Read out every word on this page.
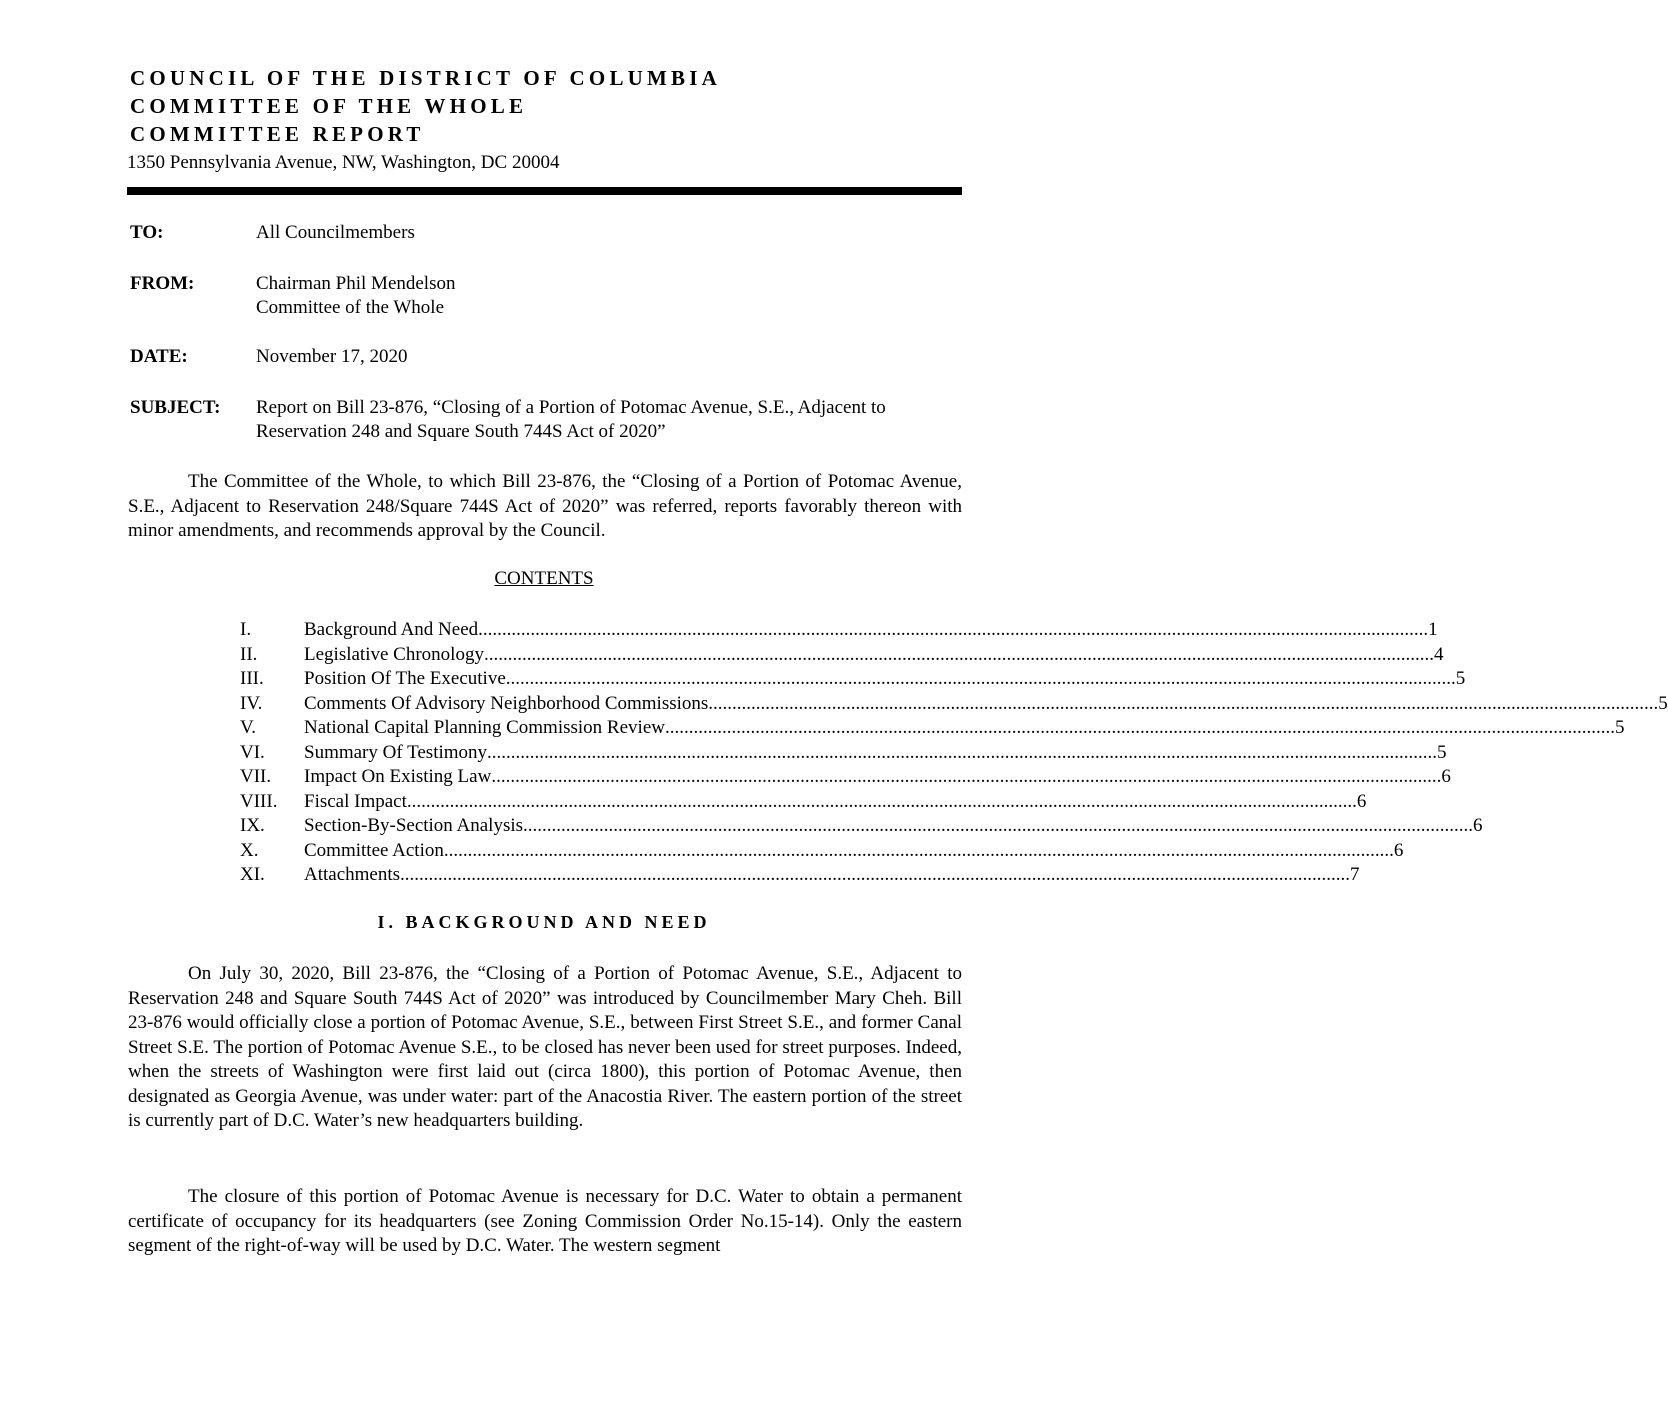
COUNCIL OF THE DISTRICT OF COLUMBIA
COMMITTEE OF THE WHOLE
COMMITTEE REPORT
1350 Pennsylvania Avenue, NW, Washington, DC 20004
TO:	All Councilmembers
FROM:	Chairman Phil Mendelson
Committee of the Whole
DATE:	November 17, 2020
SUBJECT: Report on Bill 23-876, “Closing of a Portion of Potomac Avenue, S.E., Adjacent to
Reservation 248 and Square South 744S Act of 2020”

The Committee of the Whole, to which Bill 23-876, the “Closing of a Portion of Potomac Avenue, S.E., Adjacent to Reservation 248/Square 744S Act of 2020” was referred, reports favorably thereon with minor amendments, and recommends approval by the Council.

CONTENTS
I.	Background And Need ........................................................................................................................................................................................................ 1
II.	Legislative Chronology ........................................................................................................................................................................................................ 4
III.	Position Of The Executive ........................................................................................................................................................................................................ 5
IV.	Comments Of Advisory Neighborhood Commissions ........................................................................................................................................................................................................ 5
V.	National Capital Planning Commission Review ........................................................................................................................................................................................................ 5
VI.	Summary Of Testimony ........................................................................................................................................................................................................ 5
VII.	Impact On Existing Law ........................................................................................................................................................................................................ 6
VIII.	Fiscal Impact ........................................................................................................................................................................................................ 6
IX.	Section-By-Section Analysis ........................................................................................................................................................................................................ 6
X.	Committee Action ........................................................................................................................................................................................................ 6
XI.	Attachments ........................................................................................................................................................................................................ 7
I. BACKGROUND AND NEED

On July 30, 2020, Bill 23-876, the “Closing of a Portion of Potomac Avenue, S.E., Adjacent to Reservation 248 and Square South 744S Act of 2020” was introduced by Councilmember Mary Cheh. Bill 23-876 would officially close a portion of Potomac Avenue, S.E., between First Street S.E., and former Canal Street S.E. The portion of Potomac Avenue S.E., to be closed has never been used for street purposes. Indeed, when the streets of Washington were first laid out (circa 1800), this portion of Potomac Avenue, then designated as Georgia Avenue, was under water: part of the Anacostia River. The eastern portion of the street is currently part of D.C. Water’s new headquarters building.

The closure of this portion of Potomac Avenue is necessary for D.C. Water to obtain a permanent certificate of occupancy for its headquarters (see Zoning Commission Order No.15-14). Only the eastern segment of the right-of-way will be used by D.C. Water. The western segment
